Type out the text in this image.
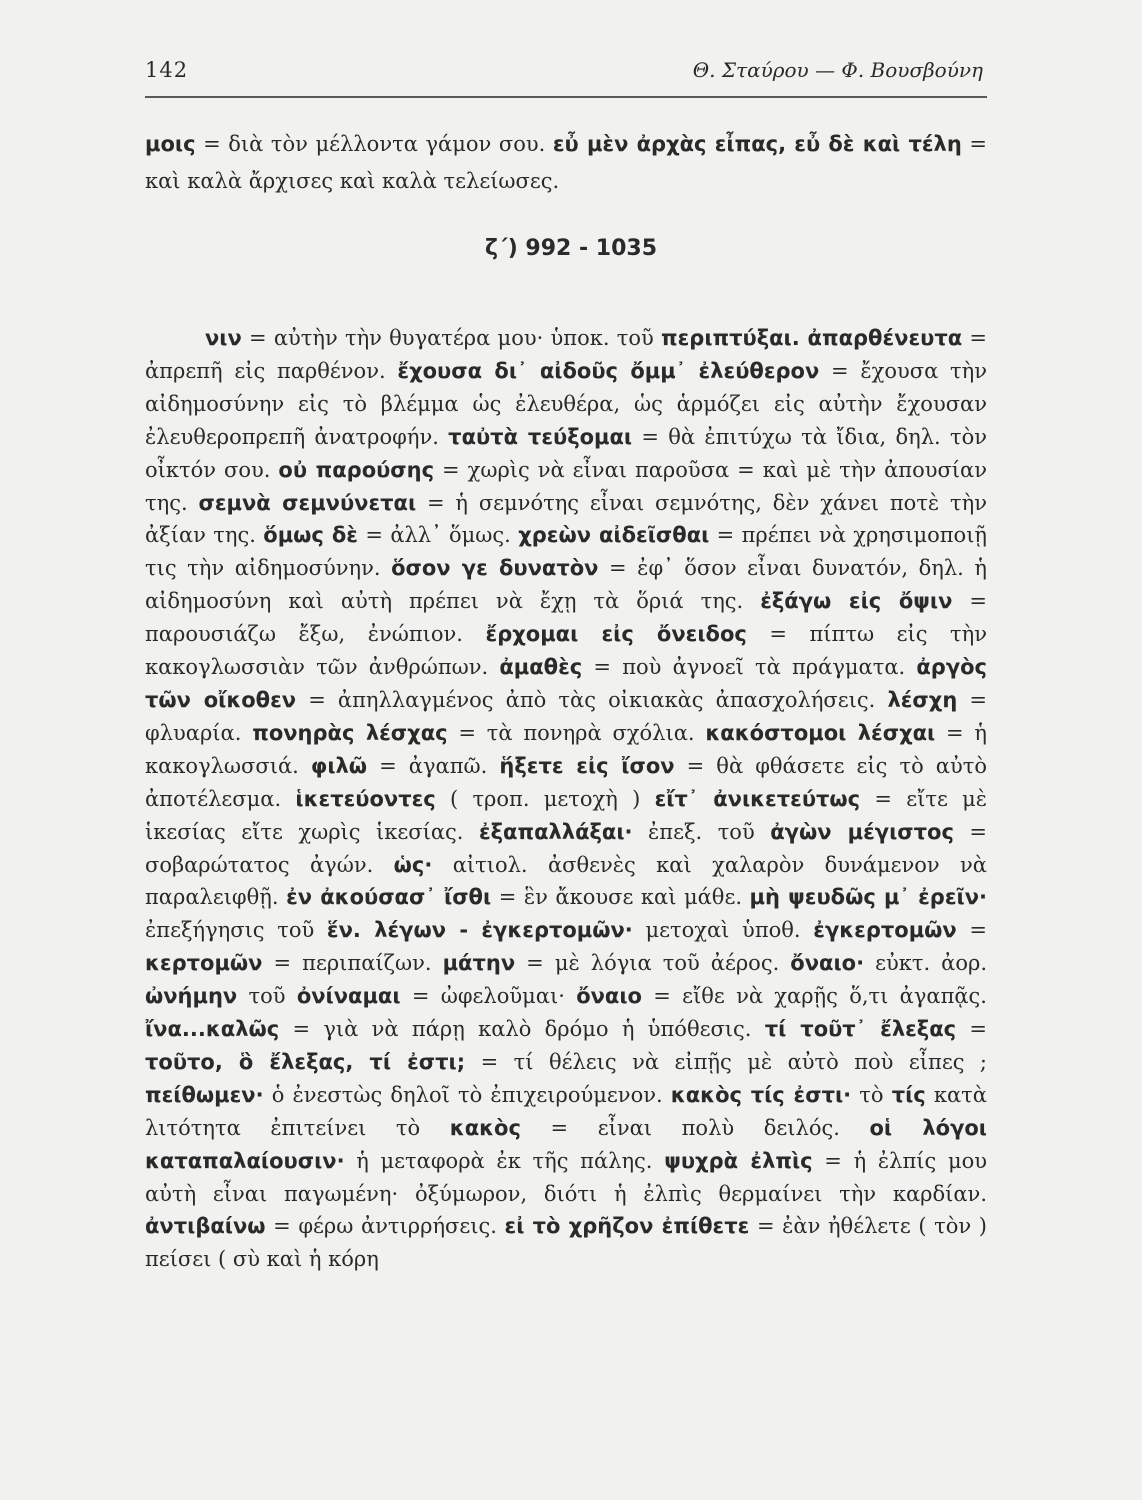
142	Θ. Σταύρου — Φ. Βουσβούνη
μοις = διὰ τὸν μέλλοντα γάμον σου. εὖ μὲν ἀρχὰς εἶπας, εὖ δὲ καὶ τέλη = καὶ καλὰ ἄρχισες καὶ καλὰ τελείωσες.
ζ΄) 992 - 1035
νιν = αὐτὴν τὴν θυγατέρα μου· ὑποκ. τοῦ περιπτύξαι. ἀπαρθένευτα = ἀπρεπῆ εἰς παρθένον. ἔχουσα δι᾽ αἰδοῦς ὄμμ᾽ ἐλεύθερον = ἔχουσα τὴν αἰδημοσύνην εἰς τὸ βλέμμα ὡς ἐλευθέρα, ὡς ἁρμόζει εἰς αὐτὴν ἔχουσαν ἐλευθεροπρεπῆ ἀνατροφήν. ταὐτὰ τεύξομαι = θὰ ἐπιτύχω τὰ ἴδια, δηλ. τὸν οἶκτόν σου. οὐ παρούσης = χωρὶς νὰ εἶναι παροῦσα = καὶ μὲ τὴν ἀπουσίαν της. σεμνὰ σεμνύνεται = ἡ σεμνότης εἶναι σεμνότης, δὲν χάνει ποτὲ τὴν ἀξίαν της. ὅμως δὲ = ἀλλ᾽ ὅμως. χρεὼν αἰδεῖσθαι = πρέπει νὰ χρησιμοποιῇ τις τὴν αἰδημοσύνην. ὅσον γε δυνατὸν = ἐφ᾽ ὅσον εἶναι δυνατόν, δηλ. ἡ αἰδημοσύνη καὶ αὐτὴ πρέπει νὰ ἔχῃ τὰ ὅριά της. ἐξάγω εἰς ὄψιν = παρουσιάζω ἔξω, ἐνώπιον. ἔρχομαι εἰς ὄνειδος = πίπτω εἰς τὴν κακογλωσσιὰν τῶν ἀνθρώπων. ἀμαθὲς = ποὺ ἀγνοεῖ τὰ πράγματα. ἀργὸς τῶν οἴκοθεν = ἀπηλλαγμένος ἀπὸ τὰς οἰκιακὰς ἀπασχολήσεις. λέσχη = φλυαρία. πονηρὰς λέσχας = τὰ πονηρὰ σχόλια. κακόστομοι λέσχαι = ἡ κακογλωσσιά. φιλῶ = ἀγαπῶ. ἥξετε εἰς ἴσον = θὰ φθάσετε εἰς τὸ αὐτὸ ἀποτέλεσμα. ἱκετεύοντες ( τροπ. μετοχὴ ) εἴτ᾽ ἀνικετεύτως = εἴτε μὲ ἱκεσίας εἴτε χωρὶς ἱκεσίας. ἐξαπαλλάξαι· ἐπεξ. τοῦ ἀγὼν μέγιστος = σοβαρώτατος ἀγών. ὡς· αἰτιολ. ἀσθενὲς καὶ χαλαρὸν δυνάμενον νὰ παραλειφθῇ. ἐν ἀκούσασ᾽ ἴσθι = ἓν ἄκουσε καὶ μάθε. μὴ ψευδῶς μ᾽ ἐρεῖν· ἐπεξήγησις τοῦ ἕν. λέγων - ἐγκερτομῶν· μετοχαὶ ὑποθ. ἐγκερτομῶν = κερτομῶν = περιπαίζων. μάτην = μὲ λόγια τοῦ ἀέρος. ὄναιο· εὐκτ. ἀορ. ὠνήμην τοῦ ὀνίναμαι = ὠφελοῦμαι· ὄναιο = εἴθε νὰ χαρῇς ὅ,τι ἀγαπᾷς. ἴνα...καλῶς = γιὰ νὰ πάρῃ καλὸ δρόμο ἡ ὑπόθεσις. τί τοῦτ᾽ ἔλεξας = τοῦτο, ὃ ἔλεξας, τί ἐστι; = τί θέλεις νὰ εἰπῇς μὲ αὐτὸ ποὺ εἶπες ; πείθωμεν· ὁ ἐνεστὼς δηλοῖ τὸ ἐπιχειρούμενον. κακὸς τίς ἐστι· τὸ τίς κατὰ λιτότητα ἐπιτείνει τὸ κακὸς = εἶναι πολὺ δειλός. οἱ λόγοι καταπαλαίουσιν· ἡ μεταφορὰ ἐκ τῆς πάλης. ψυχρὰ ἐλπὶς = ἡ ἐλπίς μου αὐτὴ εἶναι παγωμένη· ὀξύμωρον, διότι ἡ ἐλπὶς θερμαίνει τὴν καρδίαν. ἀντιβαίνω = φέρω ἀντιρρήσεις. εἰ τὸ χρῆζον ἐπίθετε = ἐὰν ἠθέλετε ( τὸν ) πείσει ( σὺ καὶ ἡ κόρη
